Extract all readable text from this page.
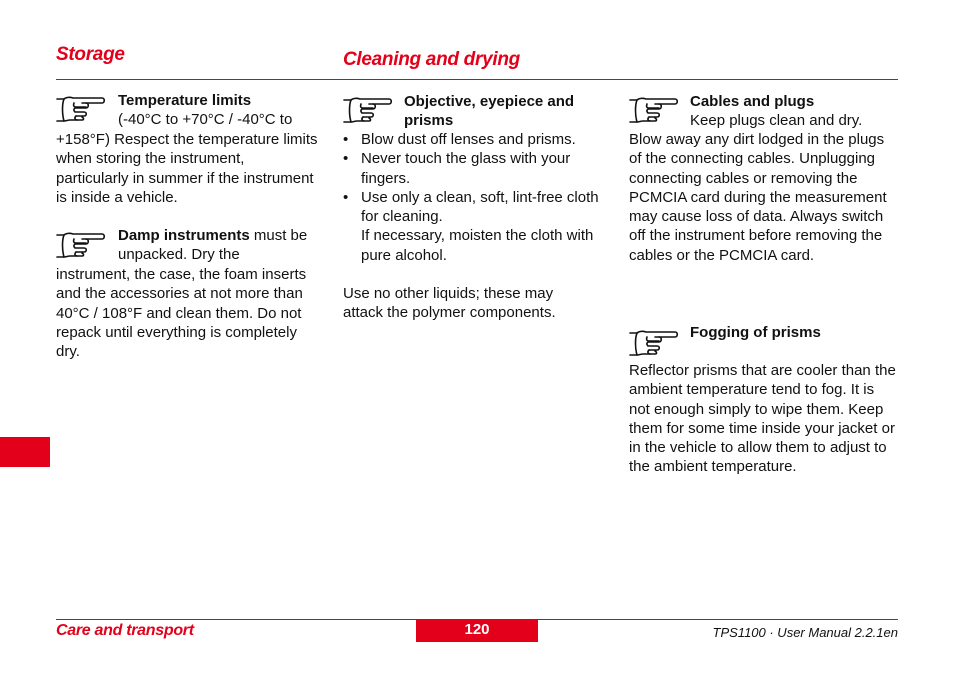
Storage	Cleaning and drying
Temperature limits
(-40°C to +70°C / -40°C to
+158°F) Respect the temperature limits when storing the instrument, particularly in summer if the instrument is inside a vehicle.
Damp instruments must be
unpacked. Dry the
instrument, the case, the foam inserts and the accessories at not more than 40°C / 108°F and clean them. Do not repack until everything is completely dry.
Objective, eyepiece and prisms
• Blow dust off lenses and prisms.
• Never touch the glass with your fingers.
• Use only a clean, soft, lint-free cloth for cleaning.
If necessary, moisten the cloth with pure alcohol.
Use no other liquids; these may attack the polymer components.
Cables and plugs
Keep plugs clean and dry.
Blow away any dirt lodged in the plugs of the connecting cables. Unplugging connecting cables or removing the PCMCIA card during the measurement may cause loss of data. Always switch off the instrument before removing the cables or the PCMCIA card.
Fogging of prisms
Reflector prisms that are cooler than the ambient temperature tend to fog. It is not enough simply to wipe them. Keep them for some time inside your jacket or in the vehicle to allow them to adjust to the ambient temperature.
Care and transport	120	TPS1100 · User Manual 2.2.1en
